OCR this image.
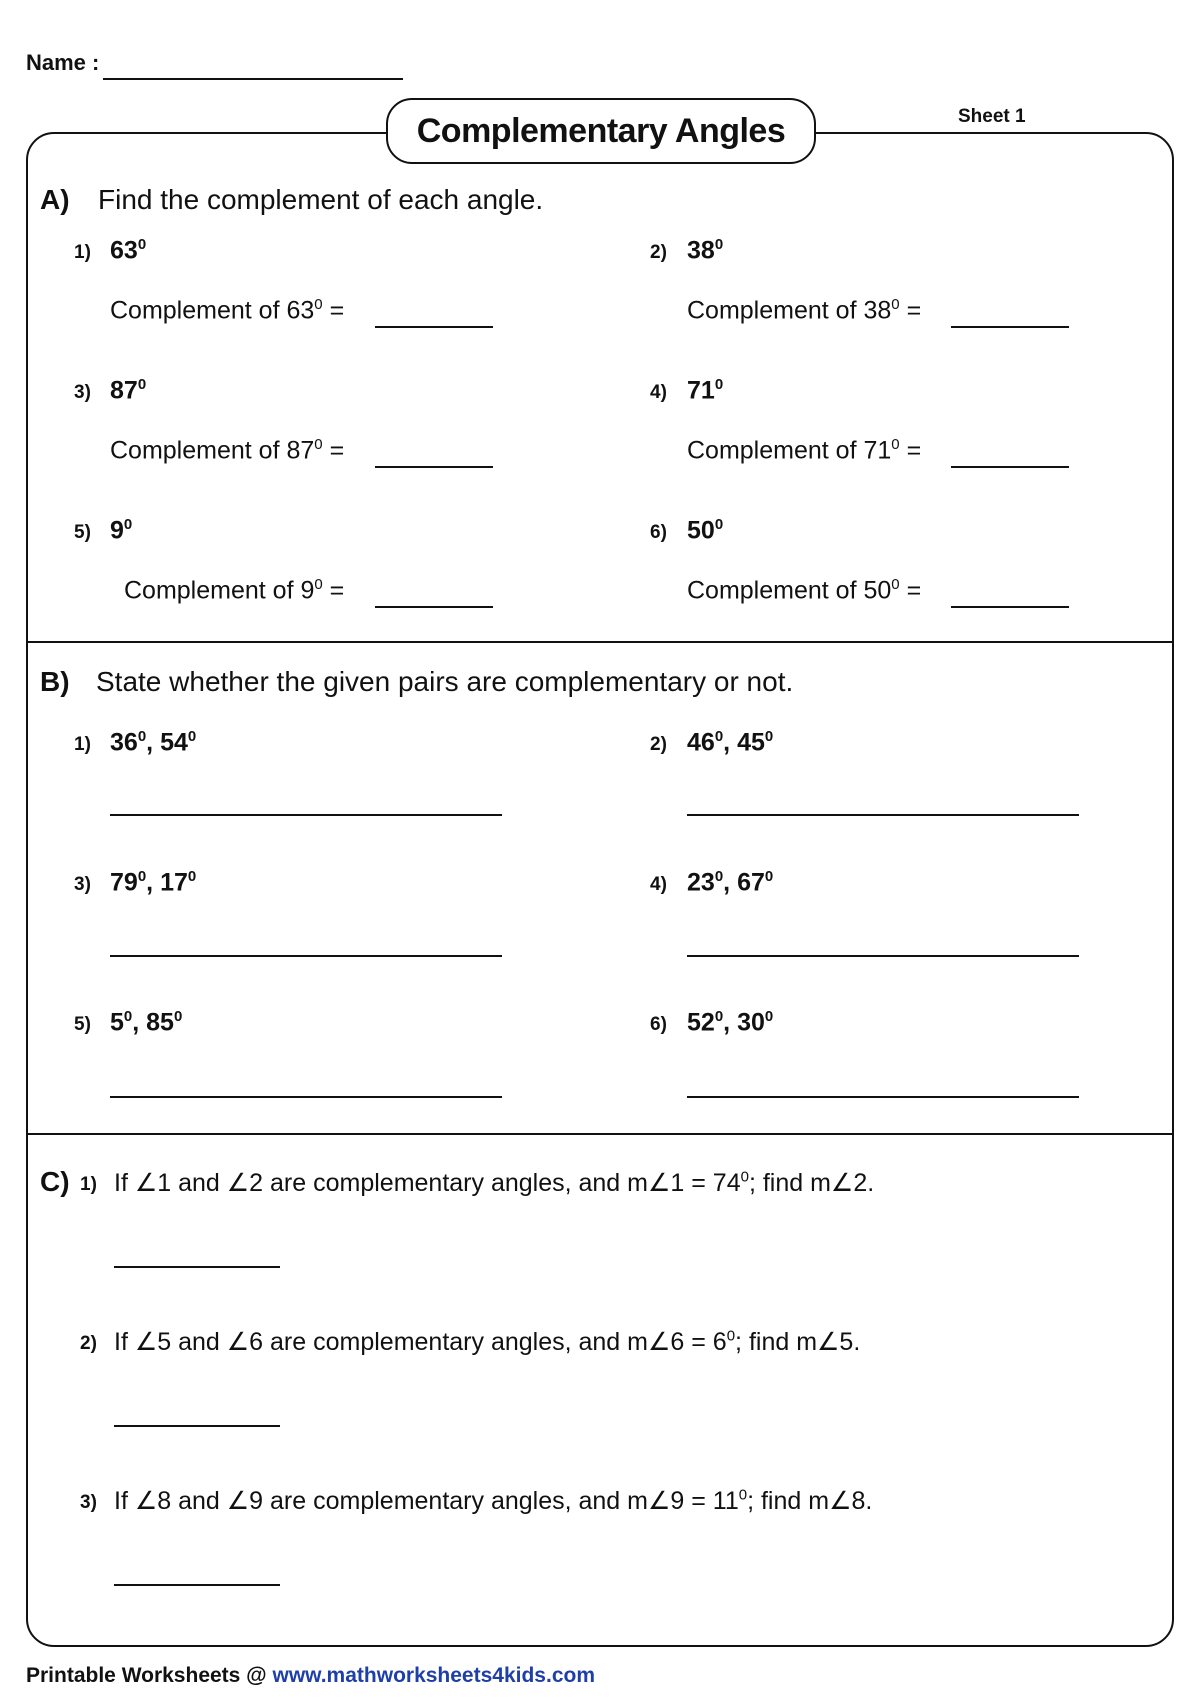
Name :
Complementary Angles	Sheet 1
A) Find the complement of each angle.
1) $63^0$
Complement of $63^0$ =
2) $38^0$
Complement of $38^0$ =
3) $87^0$
Complement of $87^0$ =
4) $71^0$
Complement of $71^0$ =
5) $9^0$
Complement of $9^0$ =
6) $50^0$
Complement of $50^0$ =
B) State whether the given pairs are complementary or not.
1) $36^0$, $54^0$	2) $46^0$, $45^0$
3) $79^0$, $17^0$	4) $23^0$, $67^0$
5) $5^0$, $85^0$	6) $52^0$, $30^0$
C) 1) If ∠1 and ∠2 are complementary angles, and m∠1 = $74^0$; find m∠2.
2) If ∠5 and ∠6 are complementary angles, and m∠6 = $6^0$; find m∠5.
3) If ∠8 and ∠9 are complementary angles, and m∠9 = $11^0$; find m∠8.
Printable Worksheets @ www.mathworksheets4kids.com
